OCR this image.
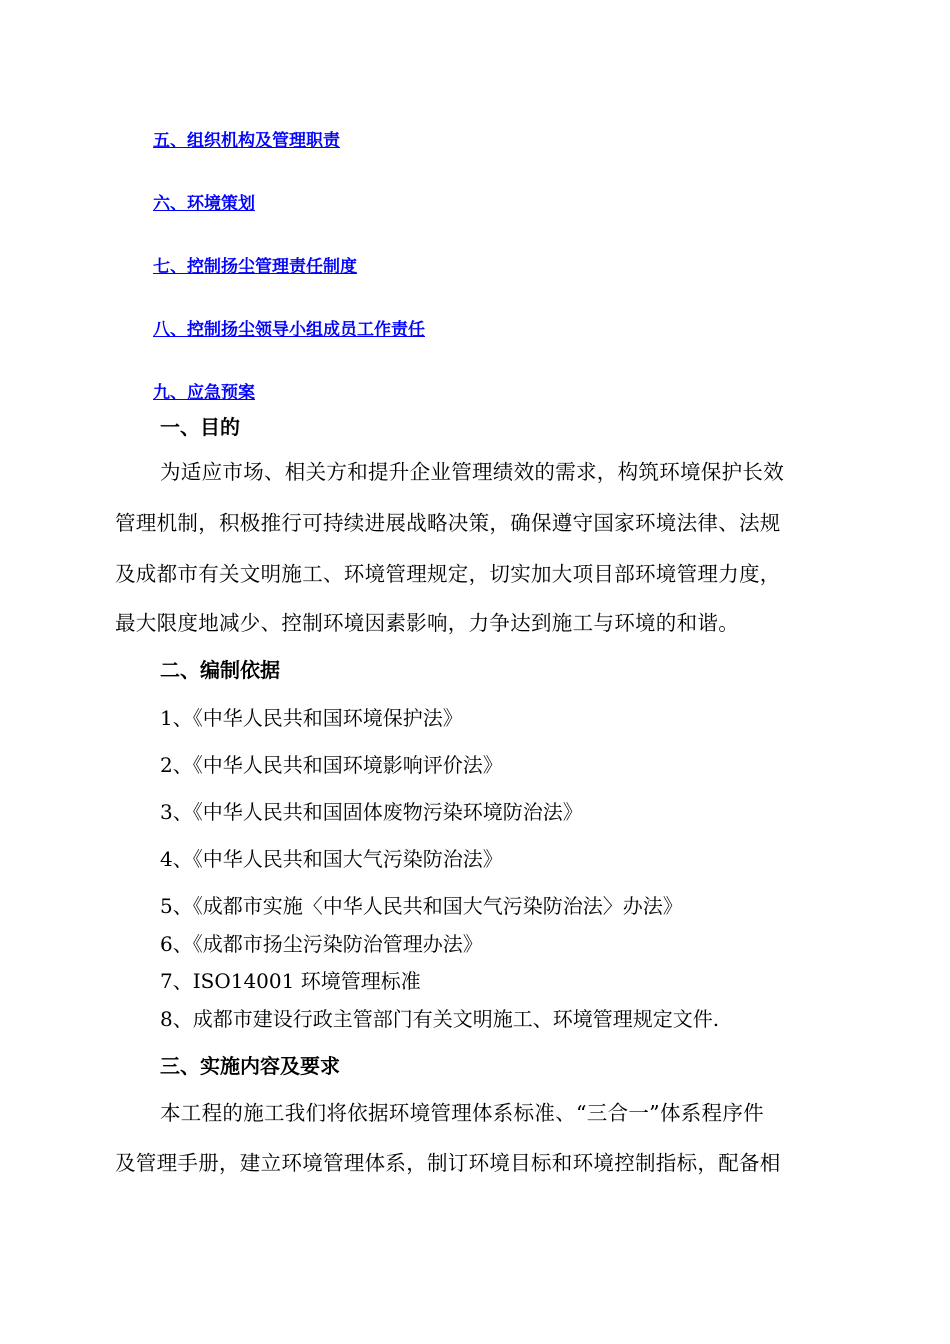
五、组织机构及管理职责
六、环境策划
七、控制扬尘管理责任制度
八、控制扬尘领导小组成员工作责任
九、应急预案
一、目的
为适应市场、相关方和提升企业管理绩效的需求，构筑环境保护长效
管理机制，积极推行可持续进展战略决策，确保遵守国家环境法律、法规
及成都市有关文明施工、环境管理规定，切实加大项目部环境管理力度，
最大限度地减少、控制环境因素影响，力争达到施工与环境的和谐。
二、编制依据
1、《中华人民共和国环境保护法》
2、《中华人民共和国环境影响评价法》
3、《中华人民共和国固体废物污染环境防治法》
4、《中华人民共和国大气污染防治法》
5、《成都市实施〈中华人民共和国大气污染防治法〉办法》
6、《成都市扬尘污染防治管理办法》
7、ISO14001 环境管理标准
8、成都市建设行政主管部门有关文明施工、环境管理规定文件.
三、实施内容及要求
本工程的施工我们将依据环境管理体系标准、“三合一”体系程序件
及管理手册，建立环境管理体系，制订环境目标和环境控制指标，配备相
